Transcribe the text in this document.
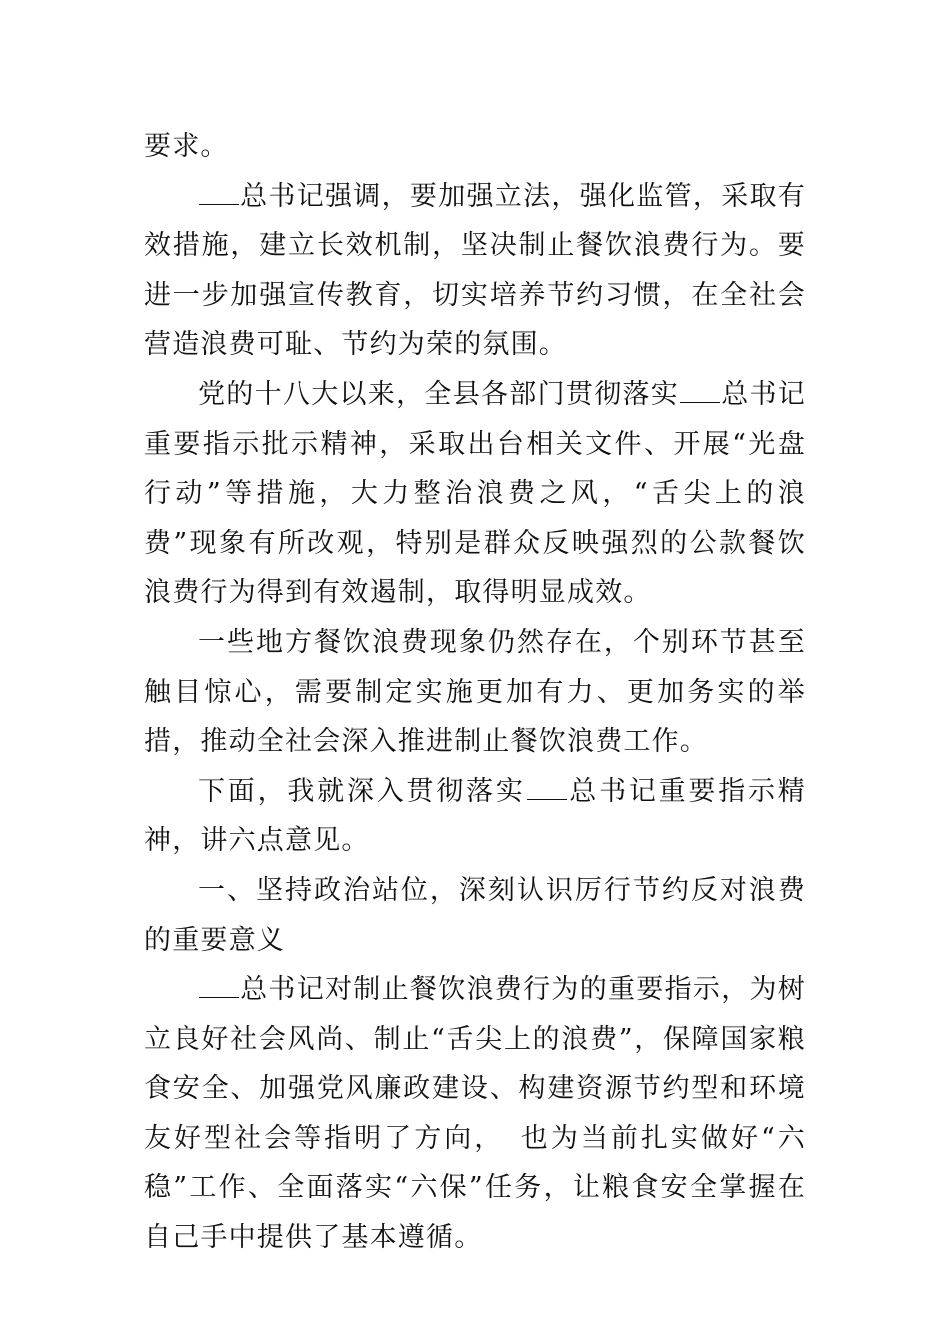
要求。

总书记强调，要加强立法，强化监管，采取有效措施，建立长效机制，坚决制止餐饮浪费行为。要进一步加强宣传教育，切实培养节约习惯，在全社会营造浪费可耻、节约为荣的氛围。

党的十八大以来，全县各部门贯彻落实 总书记重要指示批示精神，采取出台相关文件、开展“光盘行动”等措施，大力整治浪费之风，“舌尖上的浪费”现象有所改观，特别是群众反映强烈的公款餐饮浪费行为得到有效遏制，取得明显成效。

一些地方餐饮浪费现象仍然存在，个别环节甚至触目惊心，需要制定实施更加有力、更加务实的举措，推动全社会深入推进制止餐饮浪费工作。

下面，我就深入贯彻落实 总书记重要指示精神，讲六点意见。

一、坚持政治站位，深刻认识厉行节约反对浪费的重要意义

总书记对制止餐饮浪费行为的重要指示，为树立良好社会风尚、制止“舌尖上的浪费”，保障国家粮食安全、加强党风廉政建设、构建资源节约型和环境友好型社会等指明了方向，　也为当前扎实做好“六稳”工作、全面落实“六保”任务，让粮食安全掌握在自己手中提供了基本遵循。
